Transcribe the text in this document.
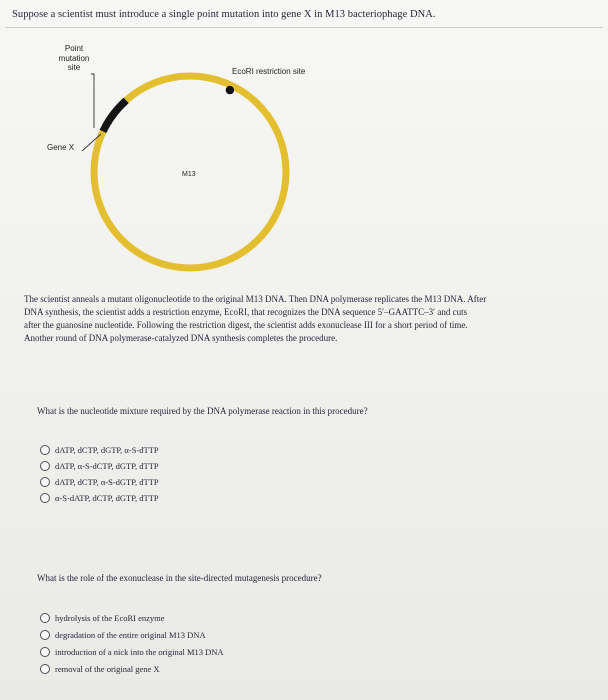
Suppose a scientist must introduce a single point mutation into gene X in M13 bacteriophage DNA.
Point
mutation
site	EcoRI restriction site
Gene X
M13
The scientist anneals a mutant oligonucleotide to the original M13 DNA. Then DNA polymerase replicates the M13 DNA. After
DNA synthesis, the scientist adds a restriction enzyme, EcoRI, that recognizes the DNA sequence 5′–GAATTC–3′ and cuts
after the guanosine nucleotide. Following the restriction digest, the scientist adds exonuclease III for a short period of time.
Another round of DNA polymerase-catalyzed DNA synthesis completes the procedure.
What is the nucleotide mixture required by the DNA polymerase reaction in this procedure?
dATP, dCTP, dGTP, α-S-dTTP
dATP, α-S-dCTP, dGTP, dTTP
dATP, dCTP, α-S-dGTP, dTTP
α-S-dATP, dCTP, dGTP, dTTP
What is the role of the exonuclease in the site-directed mutagenesis procedure?
hydrolysis of the EcoRI enzyme
degradation of the entire original M13 DNA
introduction of a nick into the original M13 DNA
removal of the original gene X
